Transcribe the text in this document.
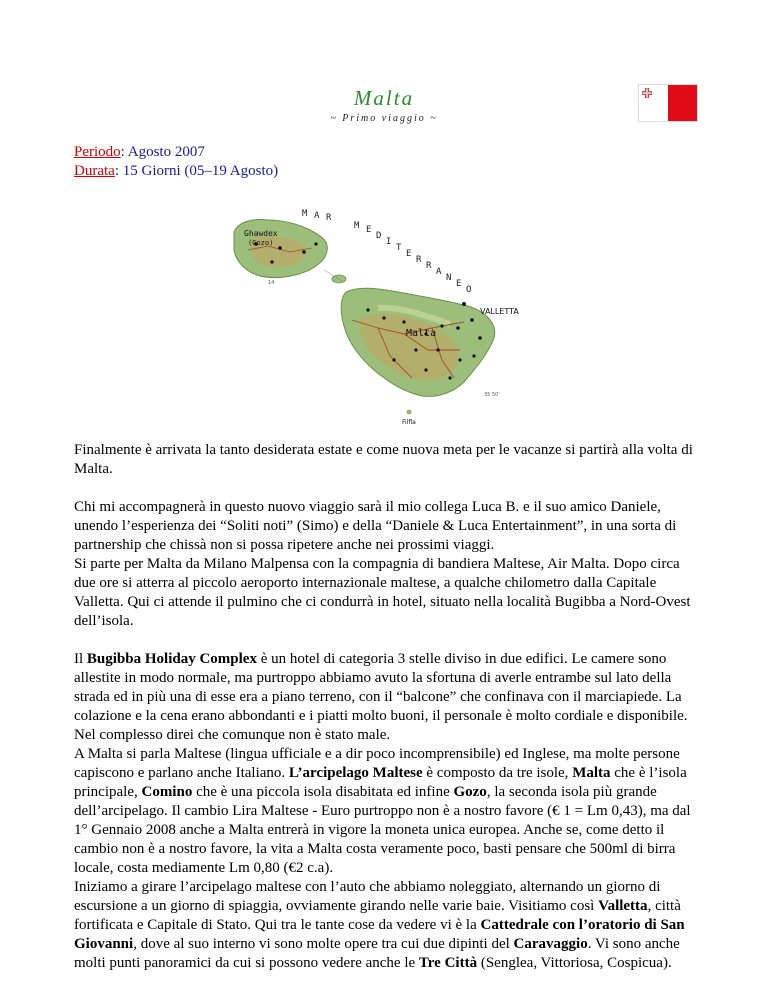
Malta
~ Primo viaggio ~
Periodo: Agosto 2007
Durata: 15 Giorni (05–19 Agosto)
Ghawdex
(Gozo)
M A R
M E
D
I
T
E
R
R
A
N
E
O
VALLETTA
Malta
Filfla
14
35 50'

Finalmente è arrivata la tanto desiderata estate e come nuova meta per le vacanze si partirà alla volta di Malta.

Chi mi accompagnerà in questo nuovo viaggio sarà il mio collega Luca B. e il suo amico Daniele, unendo l’esperienza dei “Soliti noti” (Simo) e della “Daniele & Luca Entertainment”, in una sorta di partnership che chissà non si possa ripetere anche nei prossimi viaggi.

Si parte per Malta da Milano Malpensa con la compagnia di bandiera Maltese, Air Malta. Dopo circa due ore si atterra al piccolo aeroporto internazionale maltese, a qualche chilometro dalla Capitale Valletta. Qui ci attende il pulmino che ci condurrà in hotel, situato nella località Bugibba a Nord-Ovest dell’isola.

Il Bugibba Holiday Complex è un hotel di categoria 3 stelle diviso in due edifici. Le camere sono allestite in modo normale, ma purtroppo abbiamo avuto la sfortuna di averle entrambe sul lato della strada ed in più una di esse era a piano terreno, con il “balcone” che confinava con il marciapiede. La colazione e la cena erano abbondanti e i piatti molto buoni, il personale è molto cordiale e disponibile. Nel complesso direi che comunque non è stato male.

A Malta si parla Maltese (lingua ufficiale e a dir poco incomprensibile) ed Inglese, ma molte persone capiscono e parlano anche Italiano. L’arcipelago Maltese è composto da tre isole, Malta che è l’isola principale, Comino che è una piccola isola disabitata ed infine Gozo, la seconda isola più grande dell’arcipelago. Il cambio Lira Maltese - Euro purtroppo non è a nostro favore (€ 1 = Lm 0,43), ma dal 1° Gennaio 2008 anche a Malta entrerà in vigore la moneta unica europea. Anche se, come detto il cambio non è a nostro favore, la vita a Malta costa veramente poco, basti pensare che 500ml di birra locale, costa mediamente Lm 0,80 (€2 c.a).

Iniziamo a girare l’arcipelago maltese con l’auto che abbiamo noleggiato, alternando un giorno di escursione a un giorno di spiaggia, ovviamente girando nelle varie baie. Visitiamo così Valletta, città fortificata e Capitale di Stato. Qui tra le tante cose da vedere vi è la Cattedrale con l’oratorio di San Giovanni, dove al suo interno vi sono molte opere tra cui due dipinti del Caravaggio. Vi sono anche molti punti panoramici da cui si possono vedere anche le Tre Città (Senglea, Vittoriosa, Cospicua).
